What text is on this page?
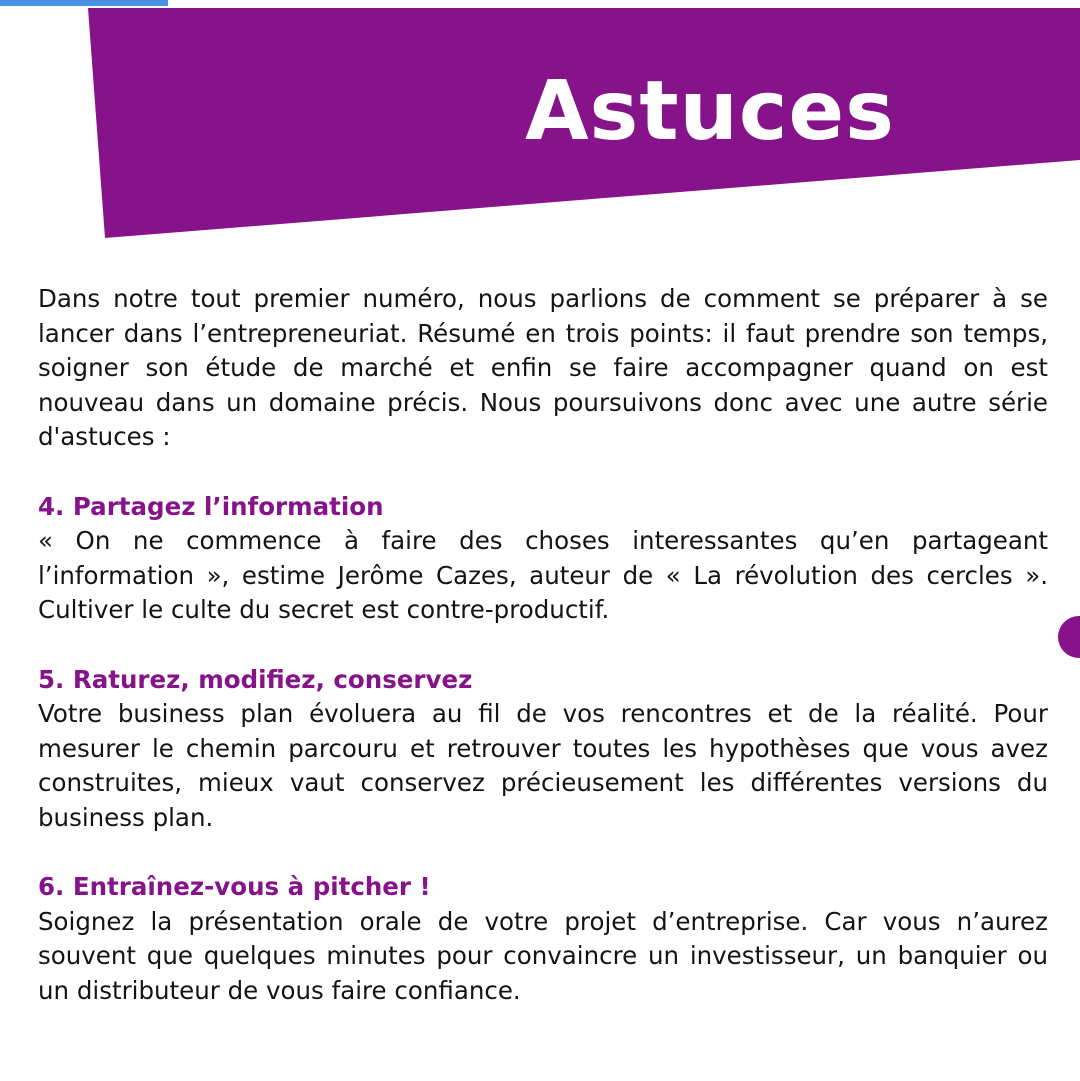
Astuces

Dans notre tout premier numéro, nous parlions de comment se préparer à se lancer dans l’entrepreneuriat. Résumé en trois points: il faut prendre son temps, soigner son étude de marché et enfin se faire accompagner quand on est nouveau dans un domaine précis. Nous poursuivons donc avec une autre série d'astuces :

4. Partagez l’information

« On ne commence à faire des choses interessantes qu’en partageant l’information », estime Jerôme Cazes, auteur de « La révolution des cercles ». Cultiver le culte du secret est contre-productif.

5. Raturez, modifiez, conservez

Votre business plan évoluera au fil de vos rencontres et de la réalité. Pour mesurer le chemin parcouru et retrouver toutes les hypothèses que vous avez construites, mieux vaut conservez précieusement les différentes versions du business plan.

6. Entraînez-vous à pitcher !

Soignez la présentation orale de votre projet d’entreprise. Car vous n’aurez souvent que quelques minutes pour convaincre un investisseur, un banquier ou un distributeur de vous faire confiance.
